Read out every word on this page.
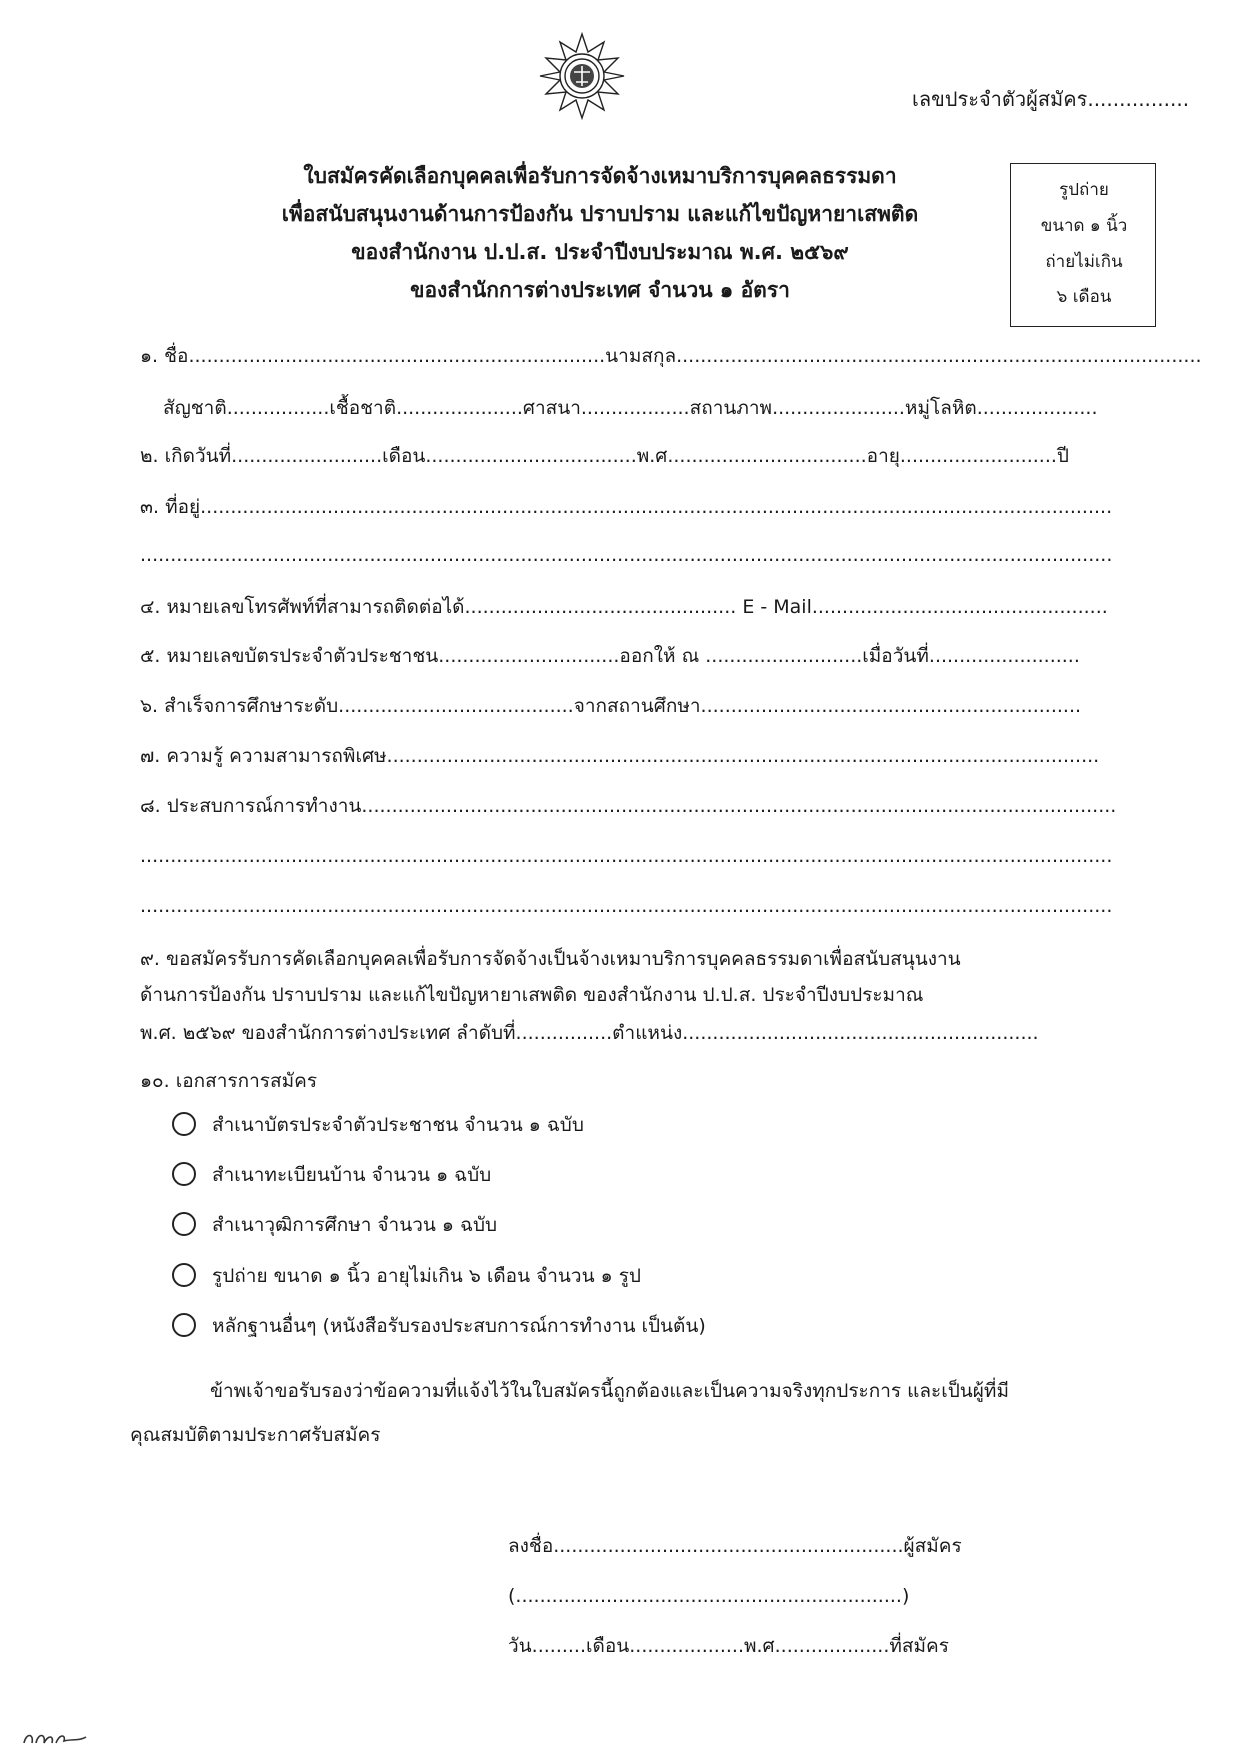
เลขประจำตัวผู้สมัคร................
ใบสมัครคัดเลือกบุคคลเพื่อรับการจัดจ้างเหมาบริการบุคคลธรรมดา
เพื่อสนับสนุนงานด้านการป้องกัน ปราบปราม และแก้ไขปัญหายาเสพติด
ของสำนักงาน ป.ป.ส. ประจำปีงบประมาณ พ.ศ. ๒๕๖๙
ของสำนักการต่างประเทศ จำนวน ๑ อัตรา
รูปถ่าย
ขนาด ๑ นิ้ว
ถ่ายไม่เกิน
๖ เดือน
๑. ชื่อ.....................................................................นามสกุล.......................................................................................
สัญชาติ.................เชื้อชาติ.....................ศาสนา..................สถานภาพ......................หมู่โลหิต....................
๒. เกิดวันที่.........................เดือน...................................พ.ศ.................................อายุ..........................ปี
๓. ที่อยู่.......................................................................................................................................................
.................................................................................................................................................................
๔. หมายเลขโทรศัพท์ที่สามารถติดต่อได้............................................. E - Mail.................................................
๕. หมายเลขบัตรประจำตัวประชาชน..............................ออกให้ ณ ..........................เมื่อวันที่.........................
๖. สำเร็จการศึกษาระดับ.......................................จากสถานศึกษา...............................................................
๗. ความรู้ ความสามารถพิเศษ......................................................................................................................
๘. ประสบการณ์การทำงาน.............................................................................................................................
.................................................................................................................................................................
.................................................................................................................................................................
๙. ขอสมัครรับการคัดเลือกบุคคลเพื่อรับการจัดจ้างเป็นจ้างเหมาบริการบุคคลธรรมดาเพื่อสนับสนุนงาน
ด้านการป้องกัน ปราบปราม และแก้ไขปัญหายาเสพติด ของสำนักงาน ป.ป.ส. ประจำปีงบประมาณ
พ.ศ. ๒๕๖๙ ของสำนักการต่างประเทศ ลำดับที่................ตำแหน่ง...........................................................
๑๐. เอกสารการสมัคร
สำเนาบัตรประจำตัวประชาชน จำนวน ๑ ฉบับ
สำเนาทะเบียนบ้าน จำนวน ๑ ฉบับ
สำเนาวุฒิการศึกษา จำนวน ๑ ฉบับ
รูปถ่าย ขนาด ๑ นิ้ว อายุไม่เกิน ๖ เดือน จำนวน ๑ รูป
หลักฐานอื่นๆ (หนังสือรับรองประสบการณ์การทำงาน เป็นต้น)
ข้าพเจ้าขอรับรองว่าข้อความที่แจ้งไว้ในใบสมัครนี้ถูกต้องและเป็นความจริงทุกประการ และเป็นผู้ที่มี
คุณสมบัติตามประกาศรับสมัคร
ลงชื่อ..........................................................ผู้สมัคร
(................................................................)
วัน.........เดือน...................พ.ศ...................ที่สมัคร
